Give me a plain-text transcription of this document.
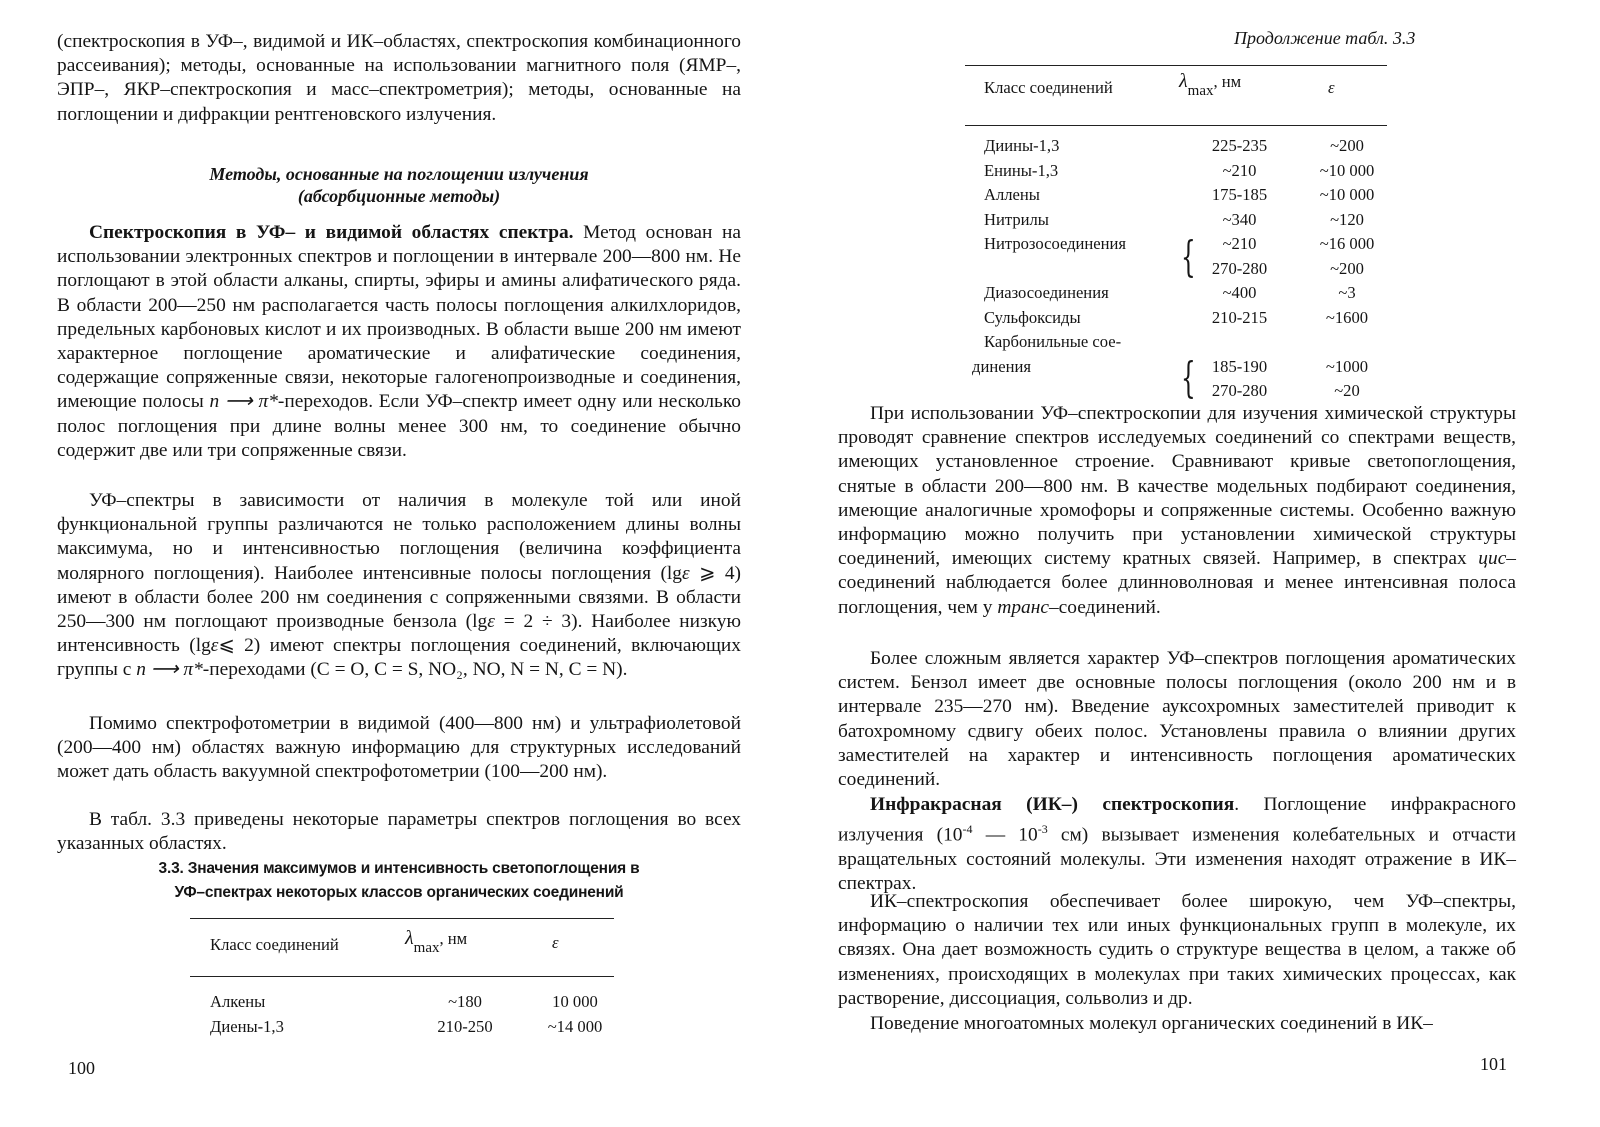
(спектроскопия в УФ–, видимой и ИК–областях, спектроскопия комбинационного рассеивания); методы, основанные на использовании магнитного поля (ЯМР–, ЭПР–, ЯКР–спектроскопия и масс–спектрометрия); методы, основанные на поглощении и дифракции рентгеновского излучения.

Методы, основанные на поглощении излучения
(абсорбционные методы)

Спектроскопия в УФ– и видимой областях спектра. Метод основан на использовании электронных спектров и поглощении в интервале 200—800 нм. Не поглощают в этой области алканы, спирты, эфиры и амины алифатического ряда. В области 200—250 нм располагается часть полосы поглощения алкилхлоридов, предельных карбоновых кислот и их производных. В области выше 200 нм имеют характерное поглощение ароматические и алифатические соединения, содержащие сопряженные связи, некоторые галогенопроизводные и соединения, имеющие полосы n ⟶ π*-переходов. Если УФ–спектр имеет одну или несколько полос поглощения при длине волны менее 300 нм, то соединение обычно содержит две или три сопряженные связи.

УФ–спектры в зависимости от наличия в молекуле той или иной функциональной группы различаются не только расположением длины волны максимума, но и интенсивностью поглощения (величина коэффициента молярного поглощения). Наиболее интенсивные полосы поглощения (lgε ⩾ 4) имеют в области более 200 нм соединения с сопряженными связями. В области 250—300 нм поглощают производные бензола (lgε = 2 ÷ 3). Наиболее низкую интенсивность (lgε⩽ 2) имеют спектры поглощения соединений, включающих группы с n ⟶ π*-переходами (C = O, C = S, NO₂, NO, N = N, C = N).

Помимо спектрофотометрии в видимой (400—800 нм) и ультрафиолетовой (200—400 нм) областях важную информацию для структурных исследований может дать область вакуумной спектрофотометрии (100—200 нм).

В табл. 3.3 приведены некоторые параметры спектров поглощения во всех указанных областях.

3.3. Значения максимумов и интенсивность светопоглощения в
УФ–спектрах некоторых классов органических соединений

Класс соединений	λmax, нм	ε
Алкены	~180	10 000
Диены-1,3	210-250	~14 000
100
Продолжение табл. 3.3
Класс соединений	λmax, нм	ε
Диины-1,3	225-235	~200
Енины-1,3	~210	~10 000
Аллены	175-185	~10 000
Нитрилы	~340	~120
Нитрозосоединения	~210	~16 000
	270-280	~200
Диазосоединения	~400	~3
Сульфоксиды	210-215	~1600
Карбонильные сое-		
динения	185-190	~1000
	270-280	~20
{
{

При использовании УФ–спектроскопии для изучения химической структуры проводят сравнение спектров исследуемых соединений со спектрами веществ, имеющих установленное строение. Сравнивают кривые светопоглощения, снятые в области 200—800 нм. В качестве модельных подбирают соединения, имеющие аналогичные хромофоры и сопряженные системы. Особенно важную информацию можно получить при установлении химической структуры соединений, имеющих систему кратных связей. Например, в спектрах цис–соединений наблюдается более длинноволновая и менее интенсивная полоса поглощения, чем у транс–соединений.

Более сложным является характер УФ–спектров поглощения ароматических систем. Бензол имеет две основные полосы поглощения (около 200 нм и в интервале 235—270 нм). Введение ауксохромных заместителей приводит к батохромному сдвигу обеих полос. Установлены правила о влиянии других заместителей на характер и интенсивность поглощения ароматических соединений.

Инфракрасная (ИК–) спектроскопия. Поглощение инфракрасного излучения ($10^{-4}$ — $10^{-3}$ см) вызывает изменения колебательных и отчасти вращательных состояний молекулы. Эти изменения находят отражение в ИК–спектрах.

ИК–спектроскопия обеспечивает более широкую, чем УФ–спектры, информацию о наличии тех или иных функциональных групп в молекуле, их связях. Она дает возможность судить о структуре вещества в целом, а также об изменениях, происходящих в молекулах при таких химических процессах, как растворение, диссоциация, сольволиз и др.

Поведение многоатомных молекул органических соединений в ИК–

101
